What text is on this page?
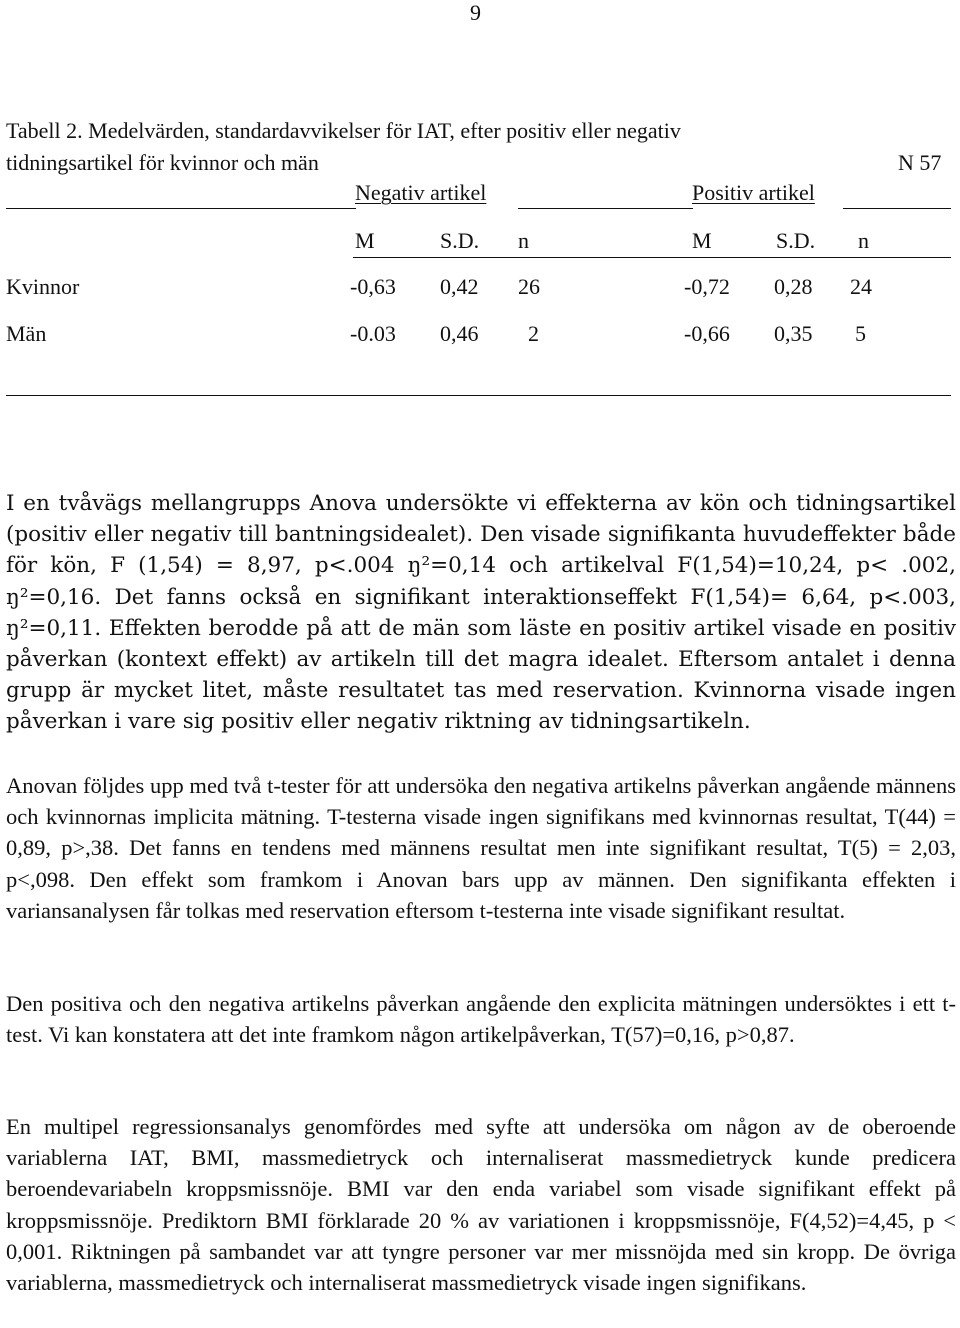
9
Tabell 2. Medelvärden, standardavvikelser för IAT, efter positiv eller negativ
tidningsartikel för kvinnor och män	N 57
Negativ artikel	Positiv artikel
M	S.D. n	M	S.D. n
Kvinnor	-0,63 0,42 26	-0,72 0,28 24
Män	-0.03 0,46 2	-0,66 0,35 5
I en tvåvägs mellangrupps Anova undersökte vi effekterna av kön och tidningsartikel (positiv eller negativ till bantningsidealet). Den visade signifikanta huvudeffekter både för kön, F (1,54) = 8,97, p<.004 ŋ²=0,14 och artikelval F(1,54)=10,24, p< .002, ŋ²=0,16. Det fanns också en signifikant interaktionseffekt F(1,54)= 6,64, p<.003, ŋ²=0,11. Effekten berodde på att de män som läste en positiv artikel visade en positiv påverkan (kontext effekt) av artikeln till det magra idealet. Eftersom antalet i denna grupp är mycket litet, måste resultatet tas med reservation. Kvinnorna visade ingen påverkan i vare sig positiv eller negativ riktning av tidningsartikeln.
Anovan följdes upp med två t-tester för att undersöka den negativa artikelns påverkan angående männens och kvinnornas implicita mätning. T-testerna visade ingen signifikans med kvinnornas resultat, T(44) = 0,89, p>,38. Det fanns en tendens med männens resultat men inte signifikant resultat, T(5) = 2,03, p<,098. Den effekt som framkom i Anovan bars upp av männen. Den signifikanta effekten i variansanalysen får tolkas med reservation eftersom t-testerna inte visade signifikant resultat.
Den positiva och den negativa artikelns påverkan angående den explicita mätningen undersöktes i ett t-test. Vi kan konstatera att det inte framkom någon artikelpåverkan, T(57)=0,16, p>0,87.
En multipel regressionsanalys genomfördes med syfte att undersöka om någon av de oberoende variablerna IAT, BMI, massmedietryck och internaliserat massmedietryck kunde predicera beroendevariabeln kroppsmissnöje. BMI var den enda variabel som visade signifikant effekt på kroppsmissnöje. Prediktorn BMI förklarade 20 % av variationen i kroppsmissnöje, F(4,52)=4,45, p < 0,001. Riktningen på sambandet var att tyngre personer var mer missnöjda med sin kropp. De övriga variablerna, massmedietryck och internaliserat massmedietryck visade ingen signifikans.
